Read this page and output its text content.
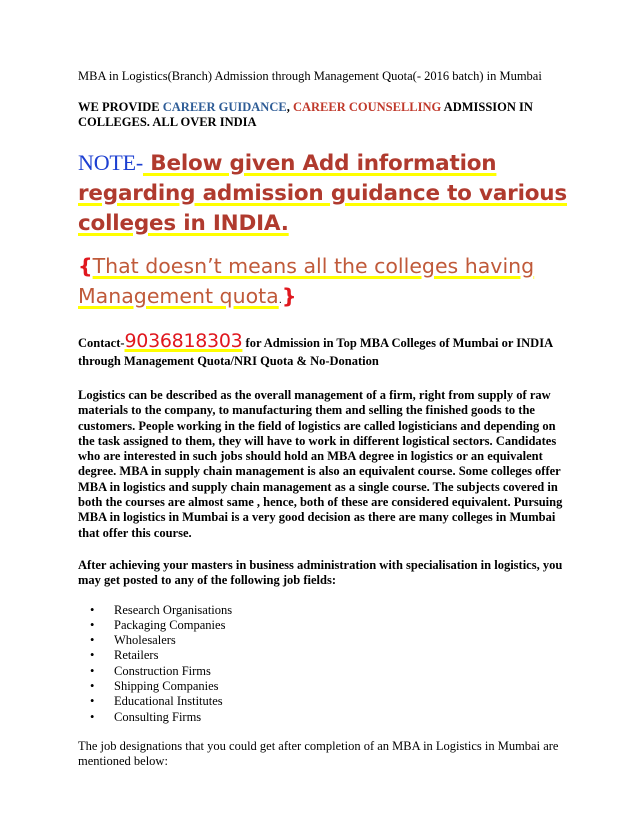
MBA in Logistics(Branch) Admission through Management Quota(- 2016 batch) in Mumbai

WE PROVIDE CAREER GUIDANCE, CAREER COUNSELLING ADMISSION IN COLLEGES. ALL OVER INDIA

NOTE- Below given Add information regarding admission guidance to various colleges in INDIA.

{That doesn’t means all the colleges having Management quota.}

Contact-9036818303 for Admission in Top MBA Colleges of Mumbai or INDIA through Management Quota/NRI Quota & No-Donation

Logistics can be described as the overall management of a firm, right from supply of raw materials to the company, to manufacturing them and selling the finished goods to the customers. People working in the field of logistics are called logisticians and depending on the task assigned to them, they will have to work in different logistical sectors. Candidates who are interested in such jobs should hold an MBA degree in logistics or an equivalent degree. MBA in supply chain management is also an equivalent course. Some colleges offer MBA in logistics and supply chain management as a single course. The subjects covered in both the courses are almost same , hence, both of these are considered equivalent. Pursuing MBA in logistics in Mumbai is a very good decision as there are many colleges in Mumbai that offer this course.

After achieving your masters in business administration with specialisation in logistics, you may get posted to any of the following job fields:

• Research Organisations
• Packaging Companies
• Wholesalers
• Retailers
• Construction Firms
• Shipping Companies
• Educational Institutes
• Consulting Firms

The job designations that you could get after completion of an MBA in Logistics in Mumbai are mentioned below:
